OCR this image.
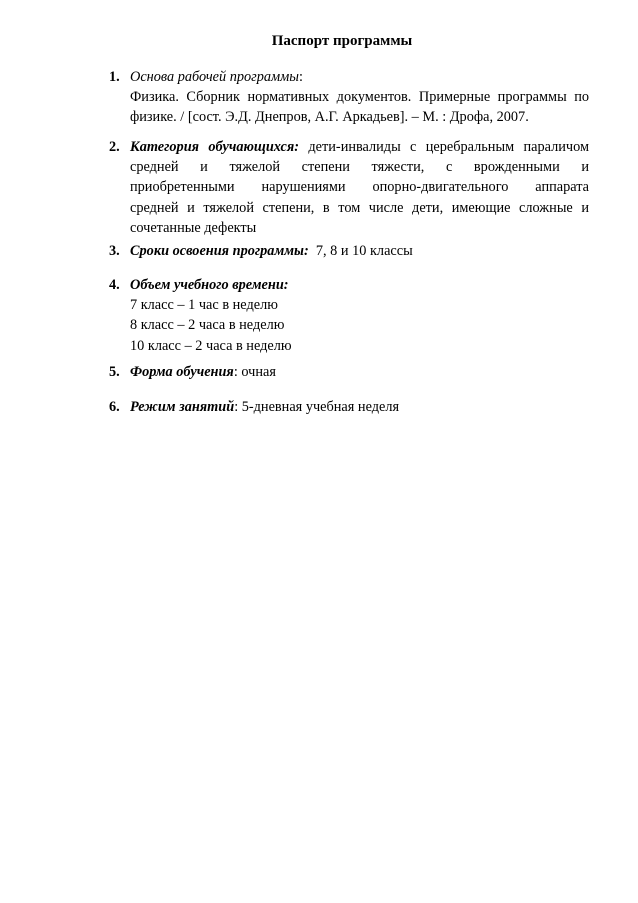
Паспорт программы
1. Основа рабочей программы:
Физика. Сборник нормативных документов. Примерные программы по
физике. / [сост. Э.Д. Днепров, А.Г. Аркадьев]. – М. : Дрофа, 2007.
2. Категория обучающихся: дети-инвалиды с церебральным параличом
средней и тяжелой степени тяжести, с врожденными и
приобретенными нарушениями опорно-двигательного аппарата
средней и тяжелой степени, в том числе дети, имеющие сложные и
сочетанные дефекты
3. Сроки освоения программы:  7, 8 и 10 классы
4. Объем учебного времени:
7 класс – 1 час в неделю
8 класс – 2 часа в неделю
10 класс – 2 часа в неделю
5. Форма обучения: очная
6. Режим занятий: 5-дневная учебная неделя
